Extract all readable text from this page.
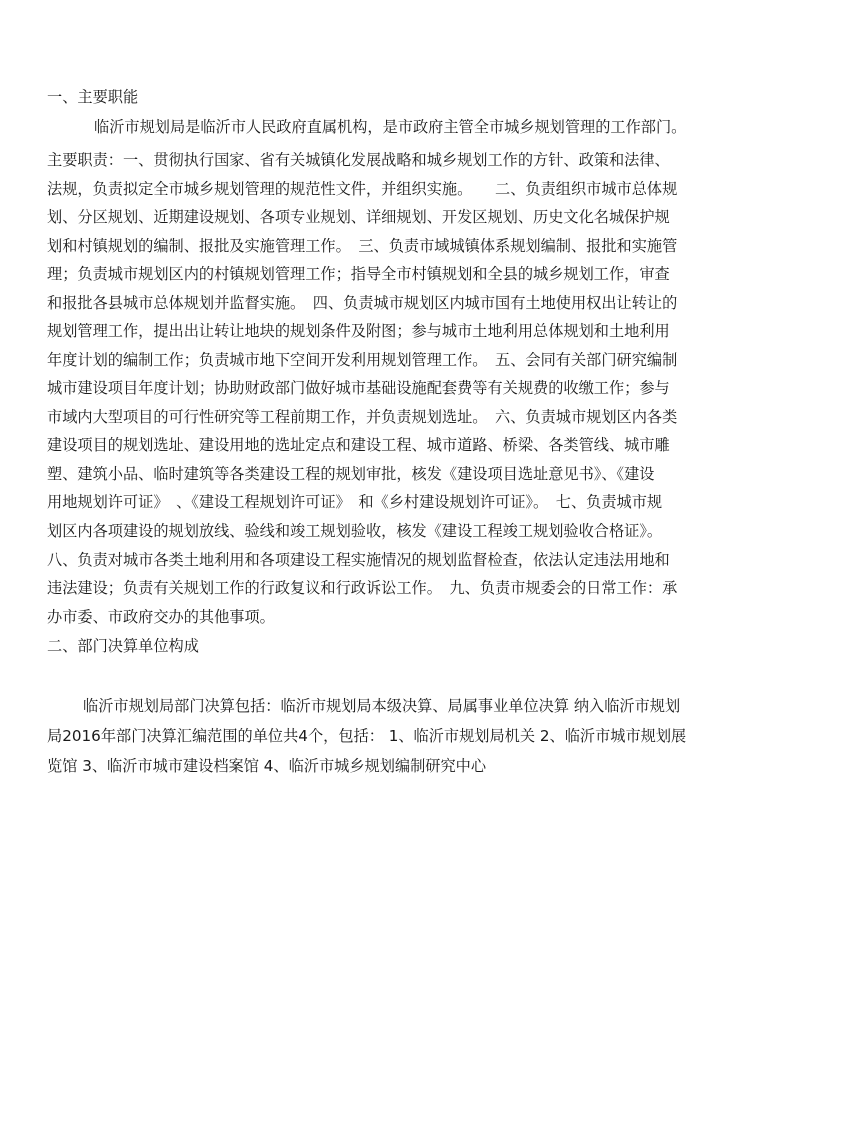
一、主要职能

临沂市规划局是临沂市人民政府直属机构，是市政府主管全市城乡规划管理的工作部门。

主要职责：一、贯彻执行国家、省有关城镇化发展战略和城乡规划工作的方针、政策和法律、

法规，负责拟定全市城乡规划管理的规范性文件，并组织实施。　　二、负责组织市城市总体规

划、分区规划、近期建设规划、各项专业规划、详细规划、开发区规划、历史文化名城保护规

划和村镇规划的编制、报批及实施管理工作。　三、负责市域城镇体系规划编制、报批和实施管

理；负责城市规划区内的村镇规划管理工作；指导全市村镇规划和全县的城乡规划工作，审查

和报批各县城市总体规划并监督实施。　四、负责城市规划区内城市国有土地使用权出让转让的

规划管理工作，提出出让转让地块的规划条件及附图；参与城市土地利用总体规划和土地利用

年度计划的编制工作；负责城市地下空间开发利用规划管理工作。　五、会同有关部门研究编制

城市建设项目年度计划；协助财政部门做好城市基础设施配套费等有关规费的收缴工作；参与

市域内大型项目的可行性研究等工程前期工作，并负责规划选址。　六、负责城市规划区内各类

建设项目的规划选址、建设用地的选址定点和建设工程、城市道路、桥梁、各类管线、城市雕

塑、建筑小品、临时建筑等各类建设工程的规划审批，核发《建设项目选址意见书》、《建设

用地规划许可证》　、《建设工程规划许可证》　和《乡村建设规划许可证》。　七、负责城市规

划区内各项建设的规划放线、验线和竣工规划验收，核发《建设工程竣工规划验收合格证》。

八、负责对城市各类土地利用和各项建设工程实施情况的规划监督检查，依法认定违法用地和

违法建设；负责有关规划工作的行政复议和行政诉讼工作。　九、负责市规委会的日常工作：承

办市委、市政府交办的其他事项。

二、部门决算单位构成

临沂市规划局部门决算包括：临沂市规划局本级决算、局属事业单位决算 纳入临沂市规划

局2016年部门决算汇编范围的单位共4个，包括： 1、临沂市规划局机关 2、临沂市城市规划展

览馆 3、临沂市城市建设档案馆 4、临沂市城乡规划编制研究中心
